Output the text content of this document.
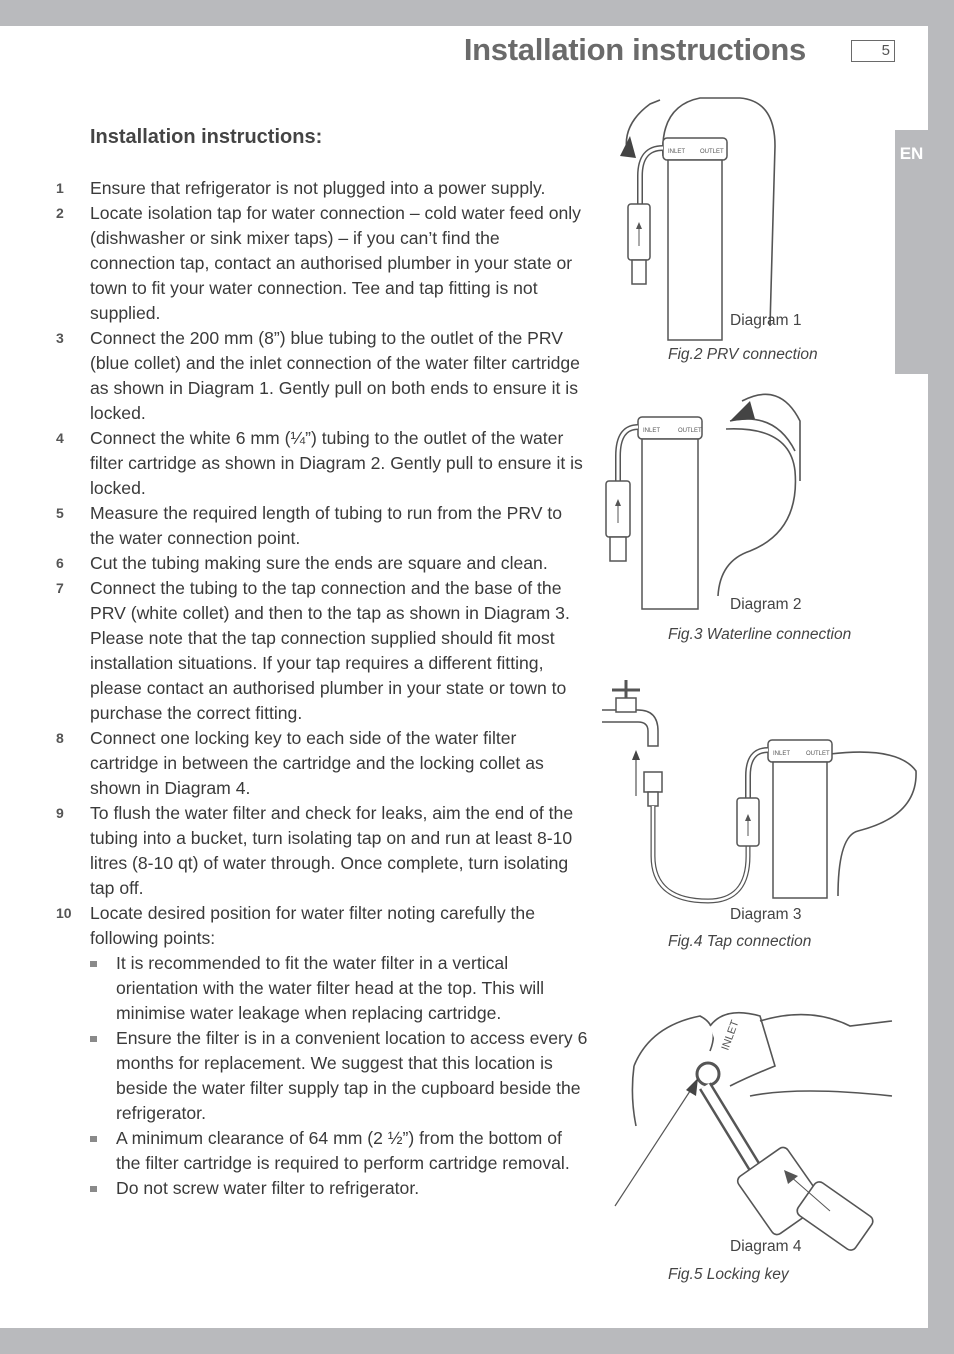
Installation instructions	5
EN
Installation instructions:
1	Ensure that refrigerator is not plugged into a power supply.
2	Locate isolation tap for water connection – cold water feed only (dishwasher or sink mixer taps) – if you can’t find the connection tap, contact an authorised plumber in your state or town to fit your water connection. Tee and tap fitting is not supplied.
3	Connect the 200 mm (8”) blue tubing to the outlet of the PRV (blue collet) and the inlet connection of the water filter cartridge as shown in Diagram 1. Gently pull on both ends to ensure it is locked.
4	Connect the white 6 mm (¼”) tubing to the outlet of the water filter cartridge as shown in Diagram 2. Gently pull to ensure it is locked.
5	Measure the required length of tubing to run from the PRV to the water connection point.
6	Cut the tubing making sure the ends are square and clean.
7	Connect the tubing to the tap connection and the base of the PRV (white collet) and then to the tap as shown in Diagram 3. Please note that the tap connection supplied should fit most installation situations. If your tap requires a different fitting, please contact an authorised plumber in your state or town to purchase the correct fitting.
8	Connect one locking key to each side of the water filter cartridge in between the cartridge and the locking collet as shown in Diagram 4.
9	To flush the water filter and check for leaks, aim the end of the tubing into a bucket, turn isolating tap on and run at least 8-10 litres (8-10 qt) of water through. Once complete, turn isolating tap off.
10	Locate desired position for water filter noting carefully the following points:
It is recommended to fit the water filter in a vertical orientation with the water filter head at the top. This will minimise water leakage when replacing cartridge.
Ensure the filter is in a convenient location to access every 6 months for replacement. We suggest that this location is beside the water filter supply tap in the cupboard beside the refrigerator.
A minimum clearance of 64 mm (2 ½”) from the bottom of the filter cartridge is required to perform cartridge removal.
Do not screw water filter to refrigerator.
INLET OUTLET
Diagram 1
Fig.2 PRV connection
INLET	OUTLET
Diagram 2
Fig.3 Waterline connection
INLET	OUTLET
Diagram 3
Fig.4 Tap connection
INLET
Diagram 4
Fig.5 Locking key
